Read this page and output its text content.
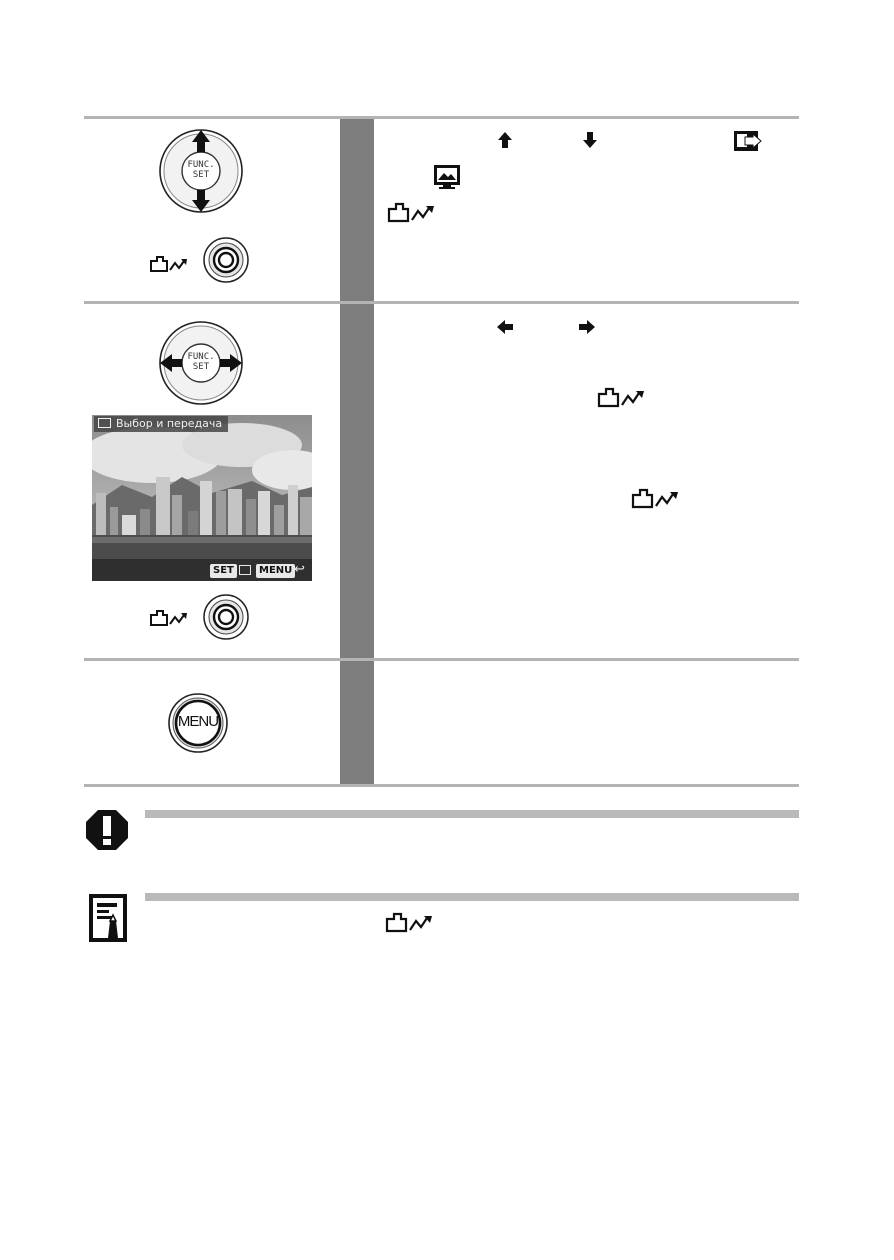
FUNC.
SET
FUNC.
SET
Выбор и передача
SET	MENU ↩
MENU
